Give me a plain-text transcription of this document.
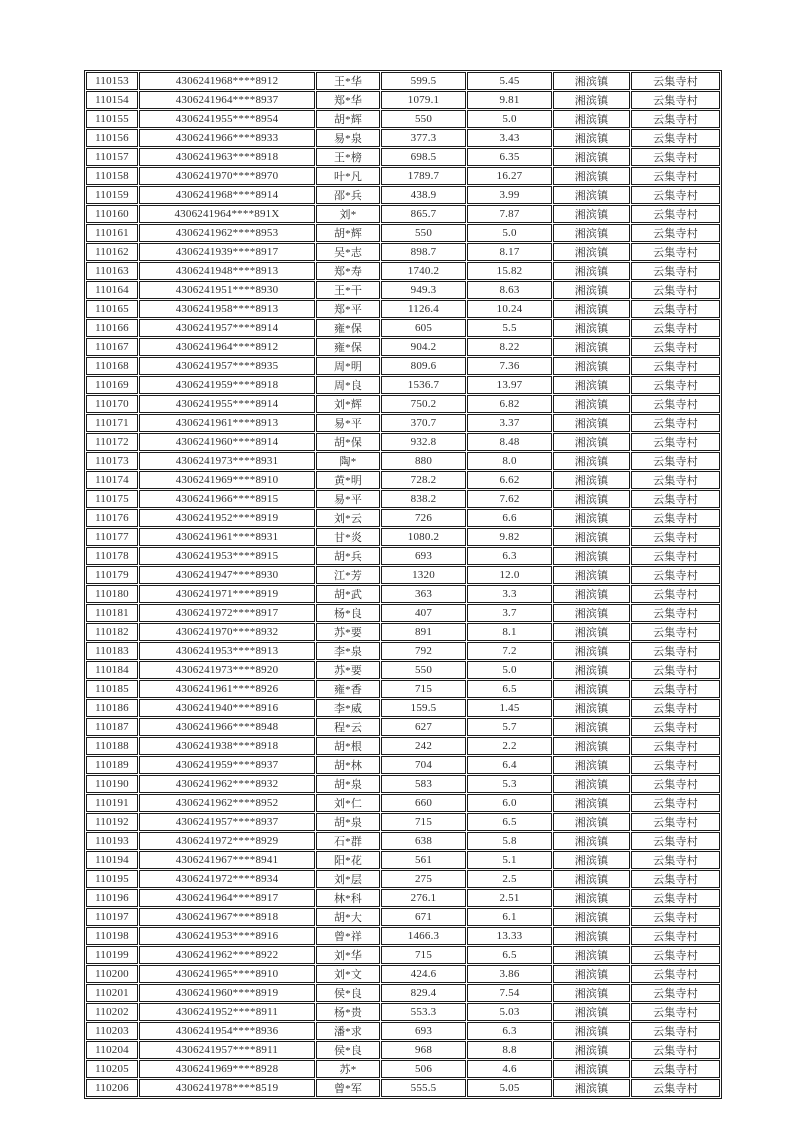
110153	4306241968****8912	王*华	599.5	5.45	湘滨镇	云集寺村
110154	4306241964****8937	郑*华	1079.1	9.81	湘滨镇	云集寺村
110155	4306241955****8954	胡*辉	550	5.0	湘滨镇	云集寺村
110156	4306241966****8933	易*泉	377.3	3.43	湘滨镇	云集寺村
110157	4306241963****8918	王*榜	698.5	6.35	湘滨镇	云集寺村
110158	4306241970****8970	叶*凡	1789.7	16.27	湘滨镇	云集寺村
110159	4306241968****8914	邵*兵	438.9	3.99	湘滨镇	云集寺村
110160	4306241964****891X	刘*	865.7	7.87	湘滨镇	云集寺村
110161	4306241962****8953	胡*辉	550	5.0	湘滨镇	云集寺村
110162	4306241939****8917	吴*志	898.7	8.17	湘滨镇	云集寺村
110163	4306241948****8913	郑*寿	1740.2	15.82	湘滨镇	云集寺村
110164	4306241951****8930	王*干	949.3	8.63	湘滨镇	云集寺村
110165	4306241958****8913	郑*平	1126.4	10.24	湘滨镇	云集寺村
110166	4306241957****8914	雍*保	605	5.5	湘滨镇	云集寺村
110167	4306241964****8912	雍*保	904.2	8.22	湘滨镇	云集寺村
110168	4306241957****8935	周*明	809.6	7.36	湘滨镇	云集寺村
110169	4306241959****8918	周*良	1536.7	13.97	湘滨镇	云集寺村
110170	4306241955****8914	刘*辉	750.2	6.82	湘滨镇	云集寺村
110171	4306241961****8913	易*平	370.7	3.37	湘滨镇	云集寺村
110172	4306241960****8914	胡*保	932.8	8.48	湘滨镇	云集寺村
110173	4306241973****8931	陶*	880	8.0	湘滨镇	云集寺村
110174	4306241969****8910	黄*明	728.2	6.62	湘滨镇	云集寺村
110175	4306241966****8915	易*平	838.2	7.62	湘滨镇	云集寺村
110176	4306241952****8919	刘*云	726	6.6	湘滨镇	云集寺村
110177	4306241961****8931	甘*炎	1080.2	9.82	湘滨镇	云集寺村
110178	4306241953****8915	胡*兵	693	6.3	湘滨镇	云集寺村
110179	4306241947****8930	江*芳	1320	12.0	湘滨镇	云集寺村
110180	4306241971****8919	胡*武	363	3.3	湘滨镇	云集寺村
110181	4306241972****8917	杨*良	407	3.7	湘滨镇	云集寺村
110182	4306241970****8932	苏*要	891	8.1	湘滨镇	云集寺村
110183	4306241953****8913	李*泉	792	7.2	湘滨镇	云集寺村
110184	4306241973****8920	苏*要	550	5.0	湘滨镇	云集寺村
110185	4306241961****8926	雍*香	715	6.5	湘滨镇	云集寺村
110186	4306241940****8916	李*威	159.5	1.45	湘滨镇	云集寺村
110187	4306241966****8948	程*云	627	5.7	湘滨镇	云集寺村
110188	4306241938****8918	胡*根	242	2.2	湘滨镇	云集寺村
110189	4306241959****8937	胡*林	704	6.4	湘滨镇	云集寺村
110190	4306241962****8932	胡*泉	583	5.3	湘滨镇	云集寺村
110191	4306241962****8952	刘*仁	660	6.0	湘滨镇	云集寺村
110192	4306241957****8937	胡*泉	715	6.5	湘滨镇	云集寺村
110193	4306241972****8929	石*群	638	5.8	湘滨镇	云集寺村
110194	4306241967****8941	阳*花	561	5.1	湘滨镇	云集寺村
110195	4306241972****8934	刘*层	275	2.5	湘滨镇	云集寺村
110196	4306241964****8917	林*科	276.1	2.51	湘滨镇	云集寺村
110197	4306241967****8918	胡*大	671	6.1	湘滨镇	云集寺村
110198	4306241953****8916	曾*祥	1466.3	13.33	湘滨镇	云集寺村
110199	4306241962****8922	刘*华	715	6.5	湘滨镇	云集寺村
110200	4306241965****8910	刘*文	424.6	3.86	湘滨镇	云集寺村
110201	4306241960****8919	侯*良	829.4	7.54	湘滨镇	云集寺村
110202	4306241952****8911	杨*贵	553.3	5.03	湘滨镇	云集寺村
110203	4306241954****8936	潘*求	693	6.3	湘滨镇	云集寺村
110204	4306241957****8911	侯*良	968	8.8	湘滨镇	云集寺村
110205	4306241969****8928	苏*	506	4.6	湘滨镇	云集寺村
110206	4306241978****8519	曾*军	555.5	5.05	湘滨镇	云集寺村
